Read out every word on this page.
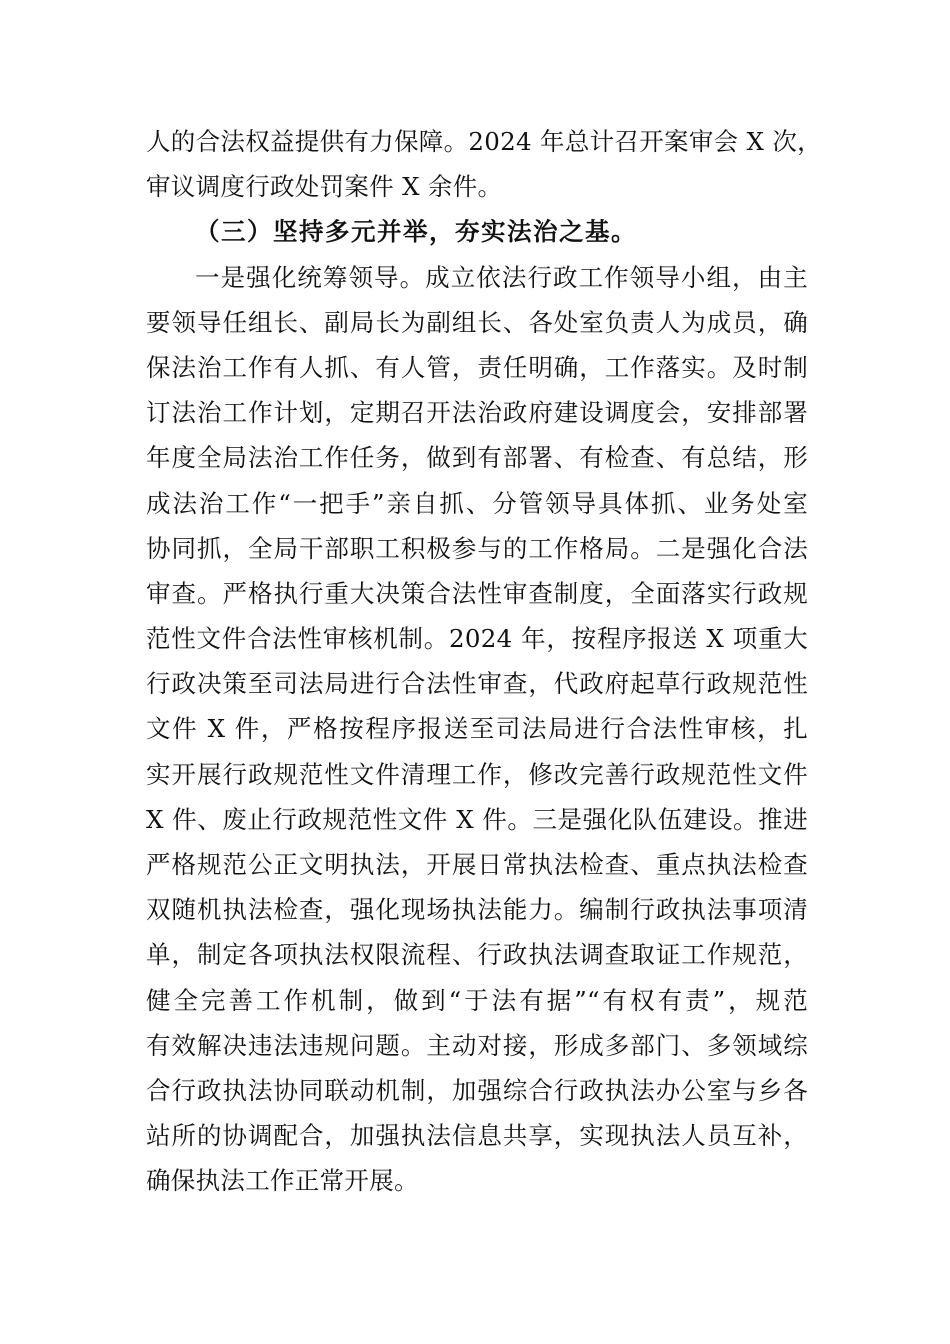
人的合法权益提供有力保障。2024 年总计召开案审会 X 次，
审议调度行政处罚案件 X 余件。
（三）坚持多元并举，夯实法治之基。
一是强化统筹领导。成立依法行政工作领导小组，由主
要领导任组长、副局长为副组长、各处室负责人为成员，确
保法治工作有人抓、有人管，责任明确，工作落实。及时制
订法治工作计划，定期召开法治政府建设调度会，安排部署
年度全局法治工作任务，做到有部署、有检查、有总结，形
成法治工作“一把手”亲自抓、分管领导具体抓、业务处室
协同抓，全局干部职工积极参与的工作格局。二是强化合法
审查。严格执行重大决策合法性审查制度，全面落实行政规
范性文件合法性审核机制。2024 年，按程序报送 X 项重大
行政决策至司法局进行合法性审查，代政府起草行政规范性
文件 X 件，严格按程序报送至司法局进行合法性审核，扎
实开展行政规范性文件清理工作，修改完善行政规范性文件
X 件、废止行政规范性文件 X 件。三是强化队伍建设。推进
严格规范公正文明执法，开展日常执法检查、重点执法检查
双随机执法检查，强化现场执法能力。编制行政执法事项清
单，制定各项执法权限流程、行政执法调查取证工作规范，
健全完善工作机制，做到“于法有据”“有权有责”，规范
有效解决违法违规问题。主动对接，形成多部门、多领域综
合行政执法协同联动机制，加强综合行政执法办公室与乡各
站所的协调配合，加强执法信息共享，实现执法人员互补，
确保执法工作正常开展。
